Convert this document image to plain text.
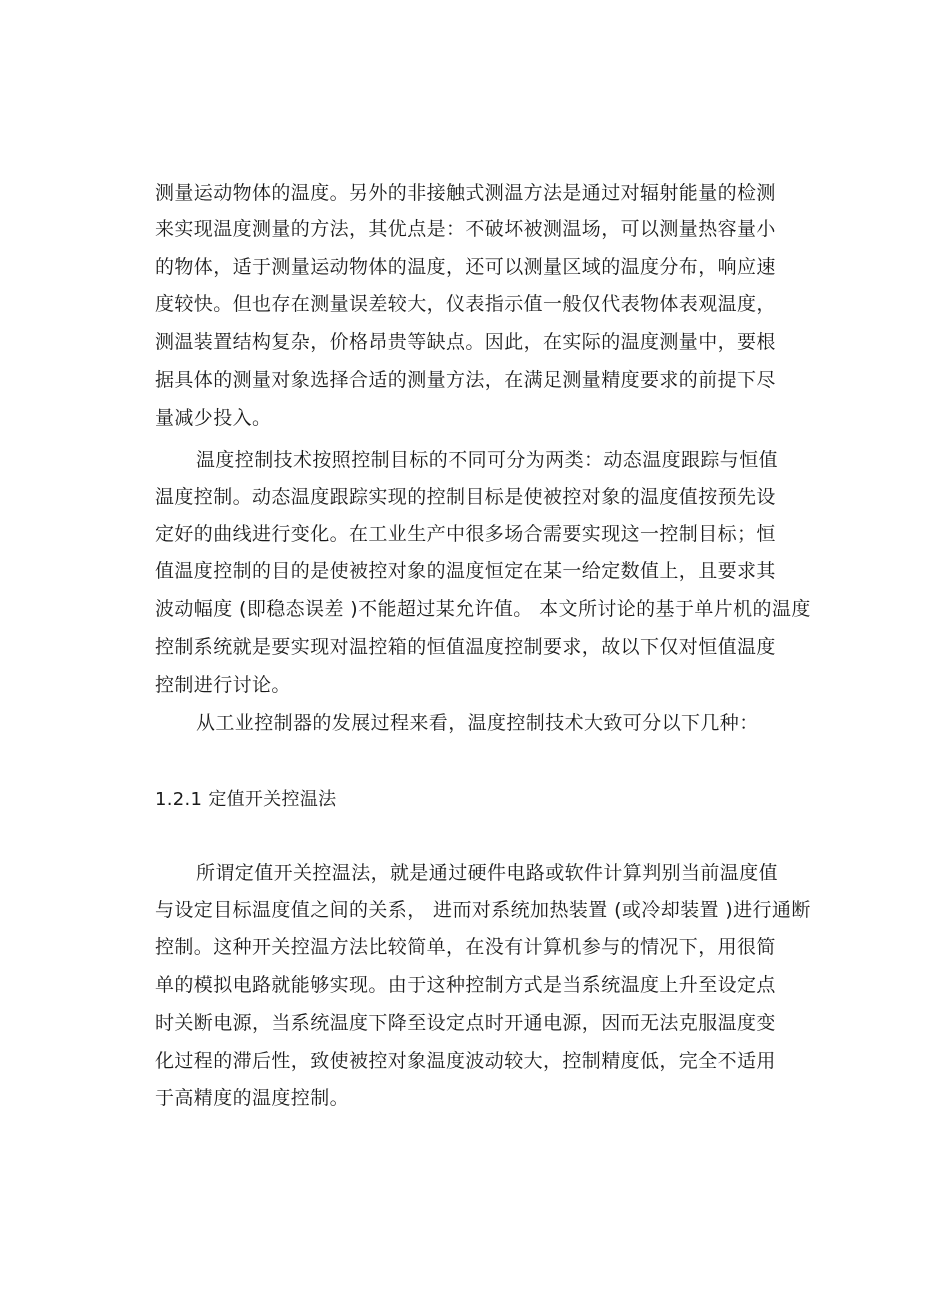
测量运动物体的温度。另外的非接触式测温方法是通过对辐射能量的检测
来实现温度测量的方法，其优点是：不破坏被测温场，可以测量热容量小
的物体，适于测量运动物体的温度，还可以测量区域的温度分布，响应速
度较快。但也存在测量误差较大，仪表指示值一般仅代表物体表观温度，
测温装置结构复杂，价格昂贵等缺点。因此，在实际的温度测量中，要根
据具体的测量对象选择合适的测量方法，在满足测量精度要求的前提下尽
量减少投入。
温度控制技术按照控制目标的不同可分为两类：动态温度跟踪与恒值
温度控制。动态温度跟踪实现的控制目标是使被控对象的温度值按预先设
定好的曲线进行变化。在工业生产中很多场合需要实现这一控制目标；恒
值温度控制的目的是使被控对象的温度恒定在某一给定数值上，且要求其
波动幅度 (即稳态误差 )不能超过某允许值。 本文所讨论的基于单片机的温度
控制系统就是要实现对温控箱的恒值温度控制要求，故以下仅对恒值温度
控制进行讨论。
从工业控制器的发展过程来看，温度控制技术大致可分以下几种：
1.2.1 定值开关控温法
所谓定值开关控温法，就是通过硬件电路或软件计算判别当前温度值
与设定目标温度值之间的关系， 进而对系统加热装置 (或冷却装置 )进行通断
控制。这种开关控温方法比较简单，在没有计算机参与的情况下，用很简
单的模拟电路就能够实现。由于这种控制方式是当系统温度上升至设定点
时关断电源，当系统温度下降至设定点时开通电源，因而无法克服温度变
化过程的滞后性，致使被控对象温度波动较大，控制精度低，完全不适用
于高精度的温度控制。
